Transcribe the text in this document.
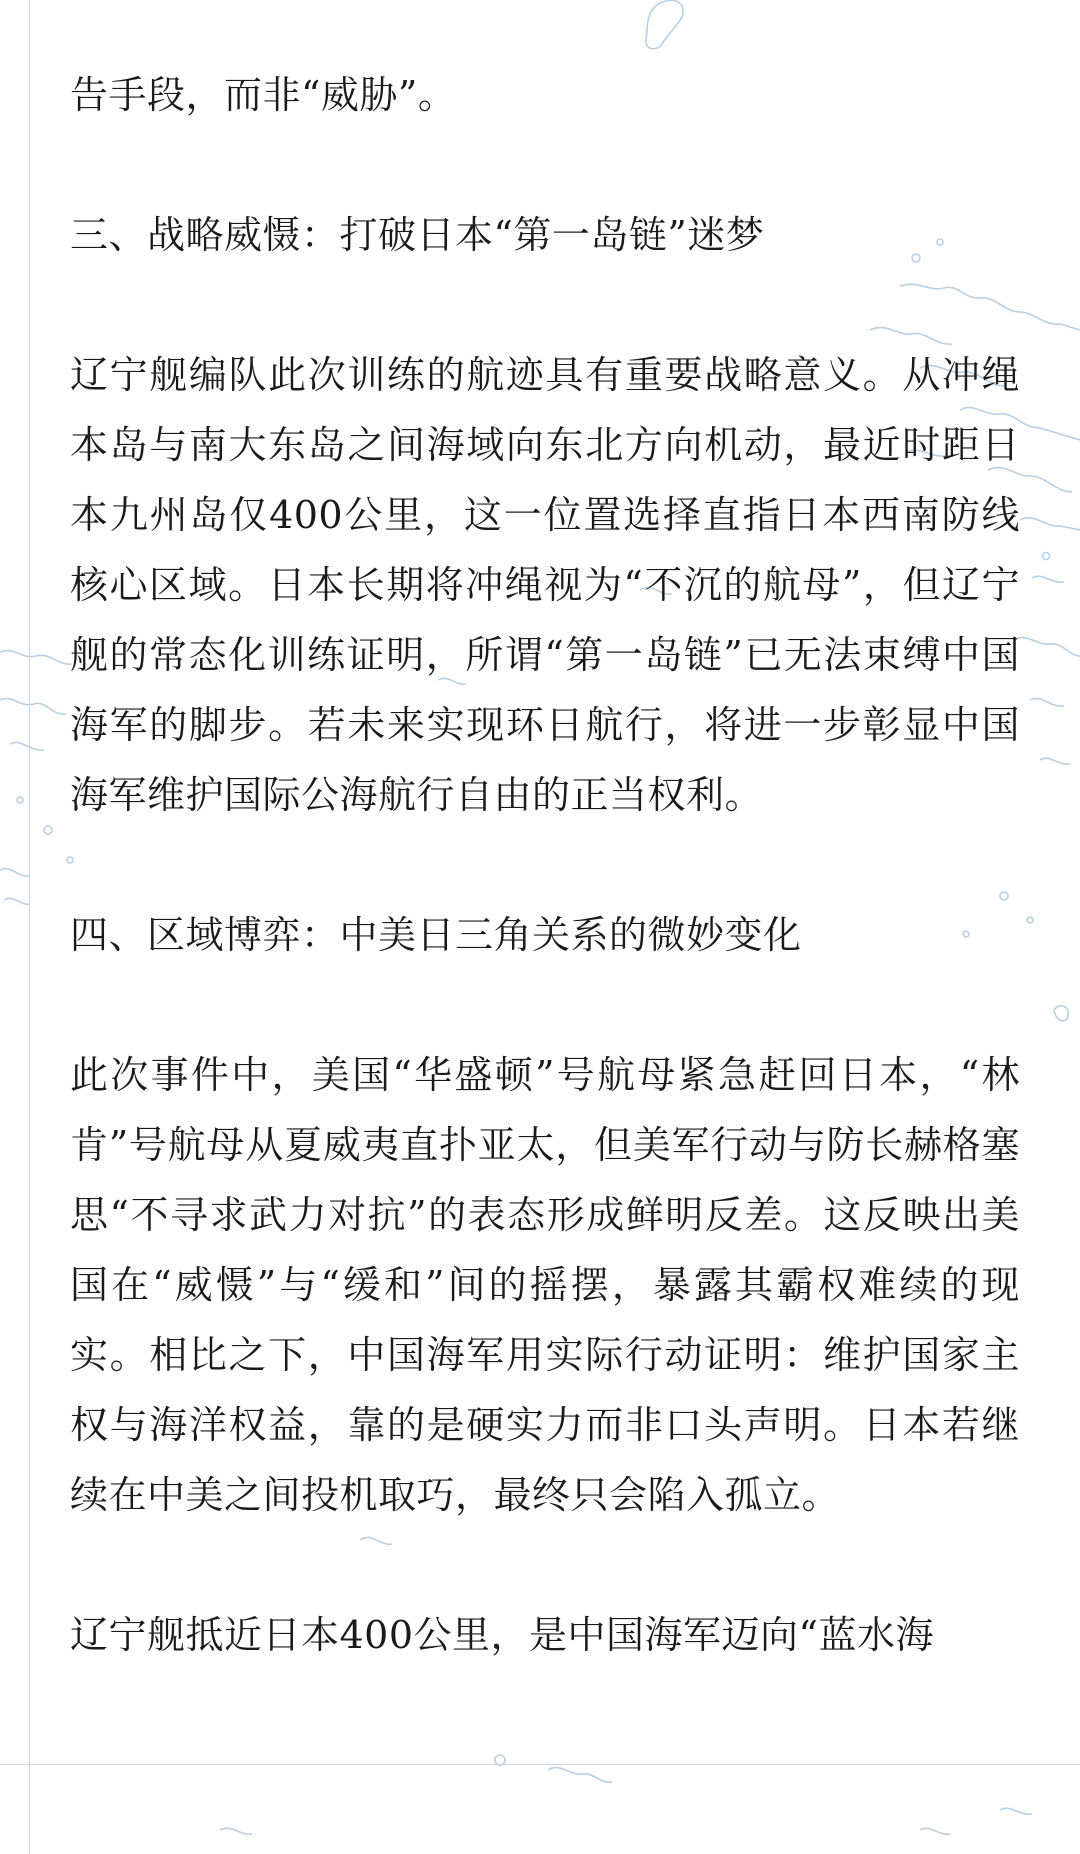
告手段，而非“威胁”。

三、战略威慑：打破日本“第一岛链”迷梦

辽宁舰编队此次训练的航迹具有重要战略意义。从冲绳本岛与南大东岛之间海域向东北方向机动，最近时距日本九州岛仅400公里，这一位置选择直指日本西南防线核心区域。日本长期将冲绳视为“不沉的航母”，但辽宁舰的常态化训练证明，所谓“第一岛链”已无法束缚中国海军的脚步。若未来实现环日航行，将进一步彰显中国海军维护国际公海航行自由的正当权利。

四、区域博弈：中美日三角关系的微妙变化

此次事件中，美国“华盛顿”号航母紧急赶回日本，“林肯”号航母从夏威夷直扑亚太，但美军行动与防长赫格塞思“不寻求武力对抗”的表态形成鲜明反差。这反映出美国在“威慑”与“缓和”间的摇摆，暴露其霸权难续的现实。相比之下，中国海军用实际行动证明：维护国家主权与海洋权益，靠的是硬实力而非口头声明。日本若继续在中美之间投机取巧，最终只会陷入孤立。

辽宁舰抵近日本400公里，是中国海军迈向“蓝水海
